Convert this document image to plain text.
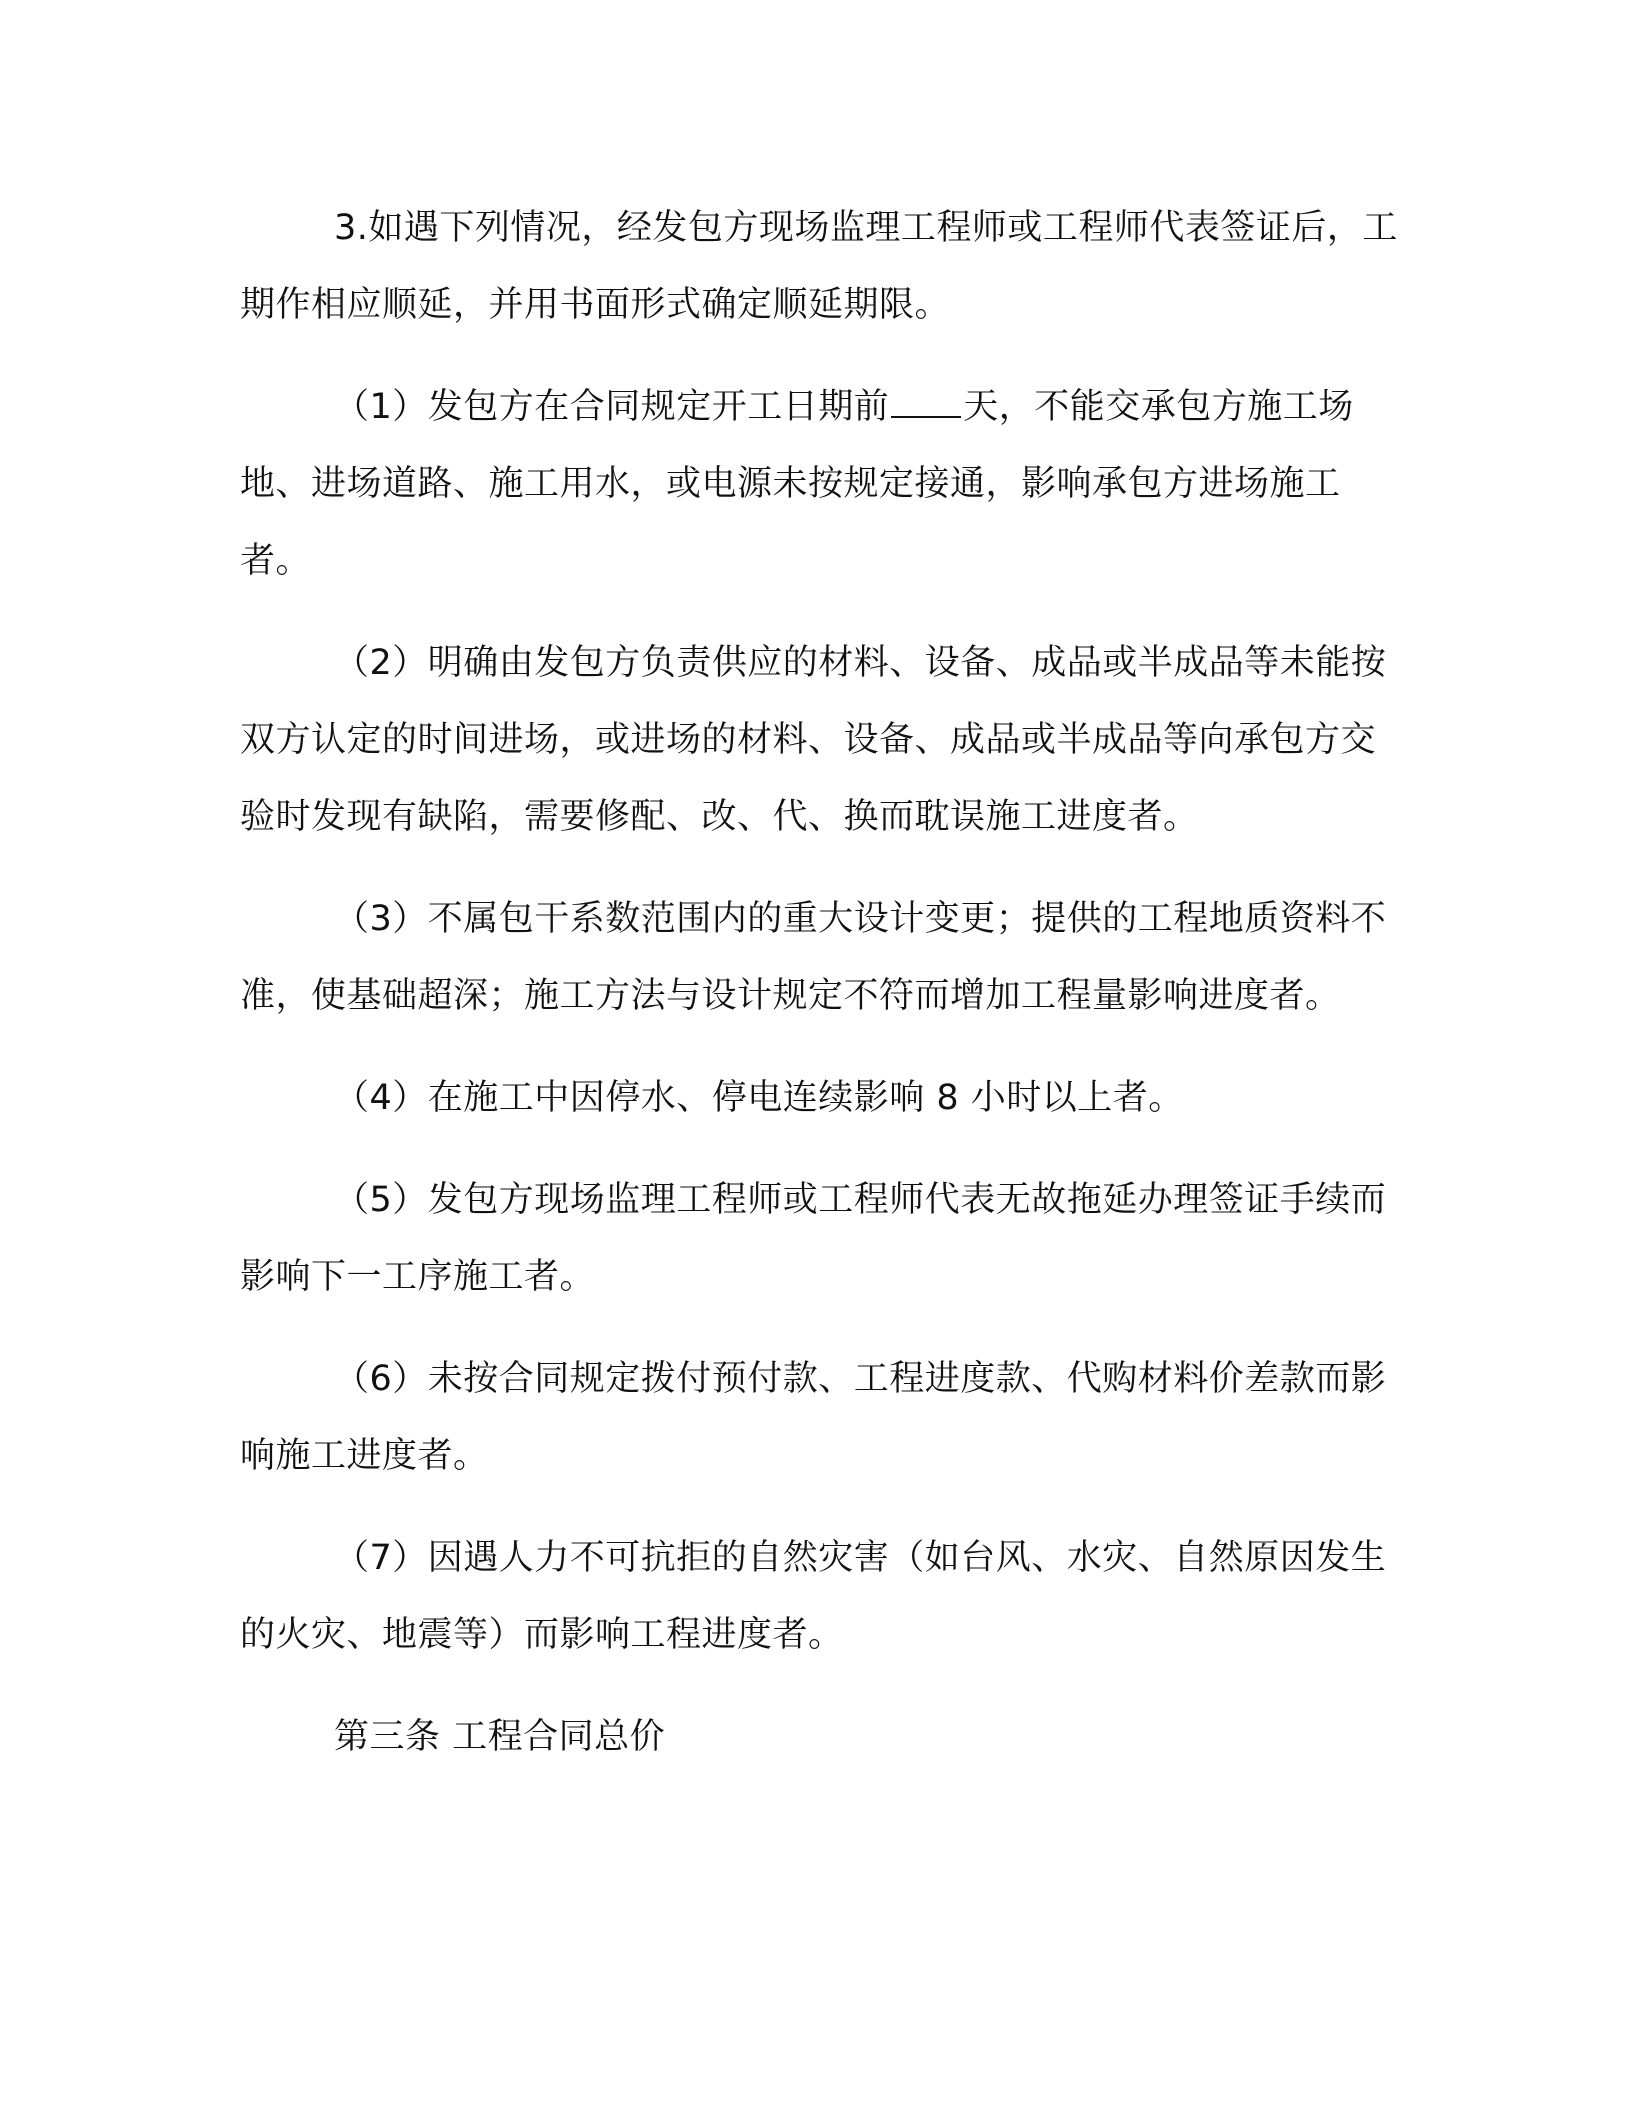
3.如遇下列情况，经发包方现场监理工程师或工程师代表签证后，工期作相应顺延，并用书面形式确定顺延期限。

（1）发包方在合同规定开工日期前 天，不能交承包方施工场地、进场道路、施工用水，或电源未按规定接通，影响承包方进场施工者。

（2）明确由发包方负责供应的材料、设备、成品或半成品等未能按双方认定的时间进场，或进场的材料、设备、成品或半成品等向承包方交验时发现有缺陷，需要修配、改、代、换而耽误施工进度者。

（3）不属包干系数范围内的重大设计变更；提供的工程地质资料不准，使基础超深；施工方法与设计规定不符而增加工程量影响进度者。

（4）在施工中因停水、停电连续影响 8 小时以上者。

（5）发包方现场监理工程师或工程师代表无故拖延办理签证手续而影响下一工序施工者。

（6）未按合同规定拨付预付款、工程进度款、代购材料价差款而影响施工进度者。

（7）因遇人力不可抗拒的自然灾害（如台风、水灾、自然原因发生的火灾、地震等）而影响工程进度者。

第三条 工程合同总价
